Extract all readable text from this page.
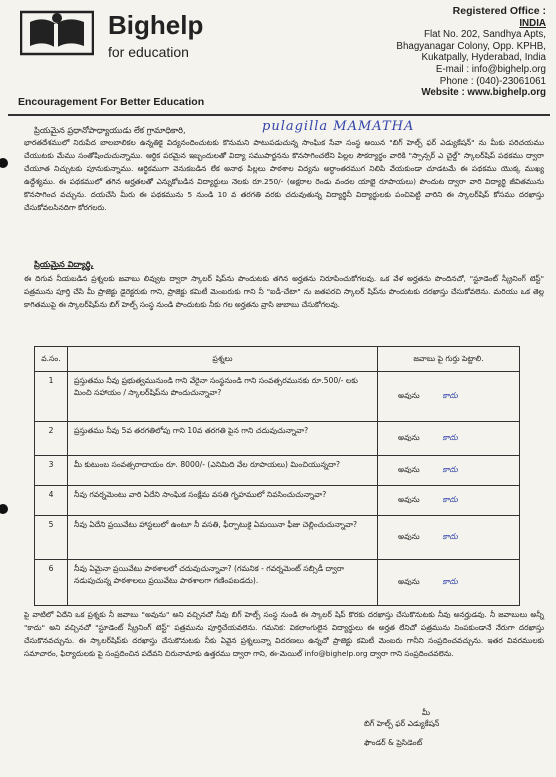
Bighelp
for education
Encouragement For Better Education
Registered Office :
INDIA
Flat No. 202, Sandhya Apts,
Bhagyanagar Colony, Opp. KPHB,
Kukatpally, Hyderabad, India
E-mail : info@bighelp.org
Phone : (040)-23061061
Website : www.bighelp.org
ప్రియమైన ప్రధానోపాధ్యాయుడు లేక గ్రామాధికారి,	pulagilla MAMATHA
భారతదేశములో నిరుపేద బాలబాలికల ఉన్నతికై విద్యనందించుటకు కొనుమని పాటుపడుచున్న సాంఘిక సేవా సంస్థ అయిన "బిగ్ హెల్ప్ ఫర్ ఎడ్యుకేషన్" ను మీకు పరిచయము చేయుటకు మేము సంతోషించుచున్నాము. ఆర్థిక పరమైన ఇబ్బందులతో విద్యా సముపార్జనను కొనసాగించలేని పిల్లల సౌకర్యార్థం వారికి "స్పాన్సర్ ఎ చైల్డ్" స్కాలర్‌షిప్ పథకము ద్వారా చేయూత నిచ్చుటకు పూనుకున్నాము. ఆర్థికముగా వెనుకబడిన లేక అనాథ పిల్లలు పాఠశాల విద్యను అర్థాంతరముగ నిలిపి వేయకుండా చూడటమే ఈ పథకము యొక్క ముఖ్య ఉద్దేశ్యము. ఈ పథకములో తగిన అర్హతలతో ఎన్నుకోబడిన విద్యార్థులు నెలకు రూ.250/- (అక్షరాల రెండు వందల యాభై రూపాయలు) పొందుట ద్వారా వారి విద్యార్థి జీవితమును కొనసాగించ వచ్చును. దయచేసి మీరు ఈ పథకమును 5 నుండి 10 వ తరగతి వరకు చదువుతున్న విద్యార్థినీ విద్యార్థులకు పంచిపెట్టి వారిని ఈ స్కాలర్‌షిప్ కోసము దరఖాస్తు చేసుకోవలసినదిగా కోరగలరు.
ప్రియమైన విద్యార్థి,
ఈ దిగువ నీయబడిన ప్రశ్నలకు జవాబు లివ్వుట ద్వారా స్కాలర్ షిప్‌ను పొందుటకు తగిన అర్హతను నిరూపించుకోగలవు. ఒక వేళ అర్హతను పొందినచో, "స్టూడెంట్ స్క్రీనింగ్ టెస్ట్" పత్రమును పూర్తి చేసి మీ ప్రాజెక్టు డైరెక్టరుకు గాని, ప్రాజెక్టు కమిటీ మెంబరుకు గాని నీ "ఐడీ-చేటా" ను జతపరచి స్కాలర్ షిప్‌ను పొందుటకు దరఖాస్తు చేసుకోవలెను. మరియు ఒక తెల్ల కాగితముపై ఈ స్కాలర్‌షిప్‌ను బిగ్ హెల్ప్ సంస్థ నుండి పొందుటకు నీకు గల అర్హతను వ్రాసి జుబాబు చేసుకోగలవు.
వ.సం.	ప్రశ్నలు	జవాబు పై గుర్తు పెట్టాలి.
1	ప్రస్తుతము నీవు ప్రభుత్వమునుండి గాని వేరైనా సంస్థనుండి గాని సంవత్సరమునకు రూ.500/- లకు మించి సహాయం / స్కాలర్‌షిప్‌ను పొందుచున్నావా?	అవును కాదు
2	ప్రస్తుతము నీవు 5వ తరగతిలోపు గాని 10వ తరగతి పైన గాని చదువుచున్నావా?	అవును కాదు
3	మీ కుటుంబ సంవత్సరాదాయం రూ. 8000/- (ఎనిమిది వేల రూపాయలు) మించియున్నదా?	అవును కాదు
4	నీవు గవర్నమెంటు వారి ఏదేని సాంఘిక సంక్షేమ వసతి గృహములో నివసించుచున్నావా?	అవును కాదు
5	నీవు ఏదేని ప్రయివేటు హాస్టలులో ఉంటూ నీ వసతి, ఫీర్పాటుకై ఏమయినా ఫీజు చెల్లించుచున్నావా?	అవును కాదు
6	నీవు ఏమైనా ప్రయివేటు పాఠశాలలో చదువుచున్నావా? (గమనిక - గవర్నమెంట్ సబ్సిడీ ద్వారా నడుపుచున్న పాఠశాలలు ప్రయివేటు పాఠశాలగా గణింపబడదు).	అవును కాదు
పై వాటిలో ఏదేని ఒక ప్రశ్నకు నీ జవాబు "అవును" అని వచ్చినచో నీవు బిగ్ హెల్ప్ సంస్థ నుండి ఈ స్కాలర్ షిప్ కొరకు దరఖాస్తు చేసుకొనుటకు నీవు అనర్హుడవు. నీ జవాబులు అన్నీ "కాదు" అని వచ్చినచో "స్టూడెంట్ స్క్రీనింగ్ టెస్ట్" పత్రమును పూర్తిచేయవలెను. గమనిక: వికలాంగులైన విద్యార్థులు ఈ అర్హత లేనిచో పత్రమును నింపకుండానే నేరుగా దరఖాస్తు చేసుకొనవచ్చును. ఈ స్కాలర్‌షిప్‌కు దరఖాస్తు చేసుకొనుటకు నీకు ఏవైన ప్రశ్నలున్నా విదరణలు ఉన్నచో ప్రాజెక్టు కమిటీ మెంబరు గానీని సంప్రదించవచ్చును. ఇతర వివరములకు సమాచారం, ఫిర్యాదులకు పై సంప్రదించిన పదేవని చిరునామాకు ఉత్తరము ద్వారా గాని, ఈ-మెయిల్ info@bighelp.org ద్వారా గాని సంప్రదించవలెను.
మీ
బిగ్ హెల్ప్ ఫర్ ఎడ్యుకేషన్
ఫౌండర్ & ప్రెసిడెంట్
